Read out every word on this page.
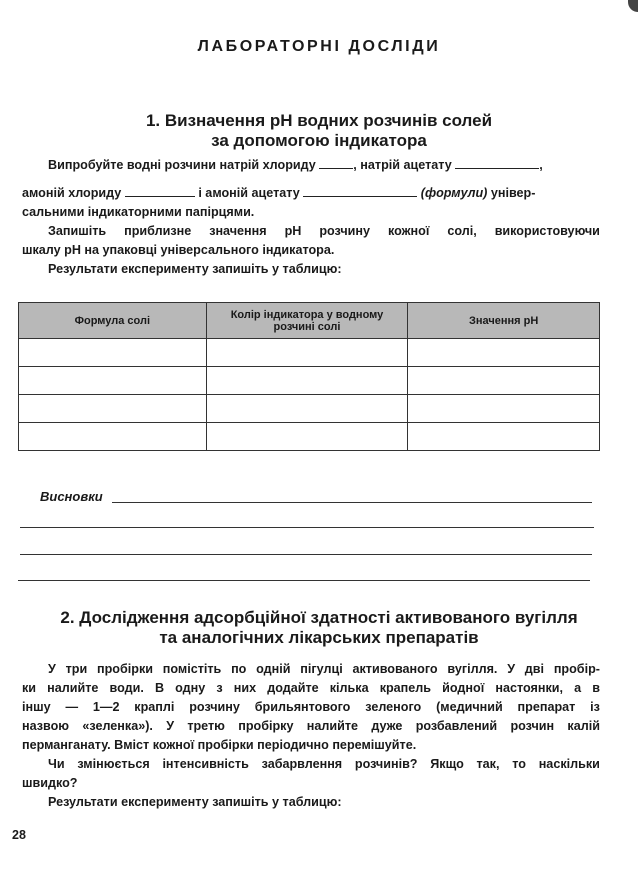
ЛАБОРАТОРНІ ДОСЛІДИ
1. Визначення pH водних розчинів солей
за допомогою індикатора
Випробуйте водні розчини натрій хлориду	, натрій ацетату	,
амоній хлориду	і амоній ацетату	(формули) універ-
сальними індикаторними папірцями.
Запишіть приблизне значення pH розчину кожної солі, використовуючи
шкалу pH на упаковці універсального індикатора.
Результати експерименту запишіть у таблицю:
Формула солі	Колір індикатора у водному розчині солі	Значення pH

Висновки
2. Дослідження адсорбційної здатності активованого вугілля
та аналогічних лікарських препаратів
У три пробірки помістіть по одній пігулці активованого вугілля. У дві пробір-
ки налийте води. В одну з них додайте кілька крапель йодної настоянки, а в
іншу — 1—2 краплі розчину брильянтового зеленого (медичний препарат із
назвою «зеленка»). У третю пробірку налийте дуже розбавлений розчин калій
перманганату. Вміст кожної пробірки періодично перемішуйте.
Чи змінюється інтенсивність забарвлення розчинів? Якщо так, то наскільки
швидко?
Результати експерименту запишіть у таблицю:
28
